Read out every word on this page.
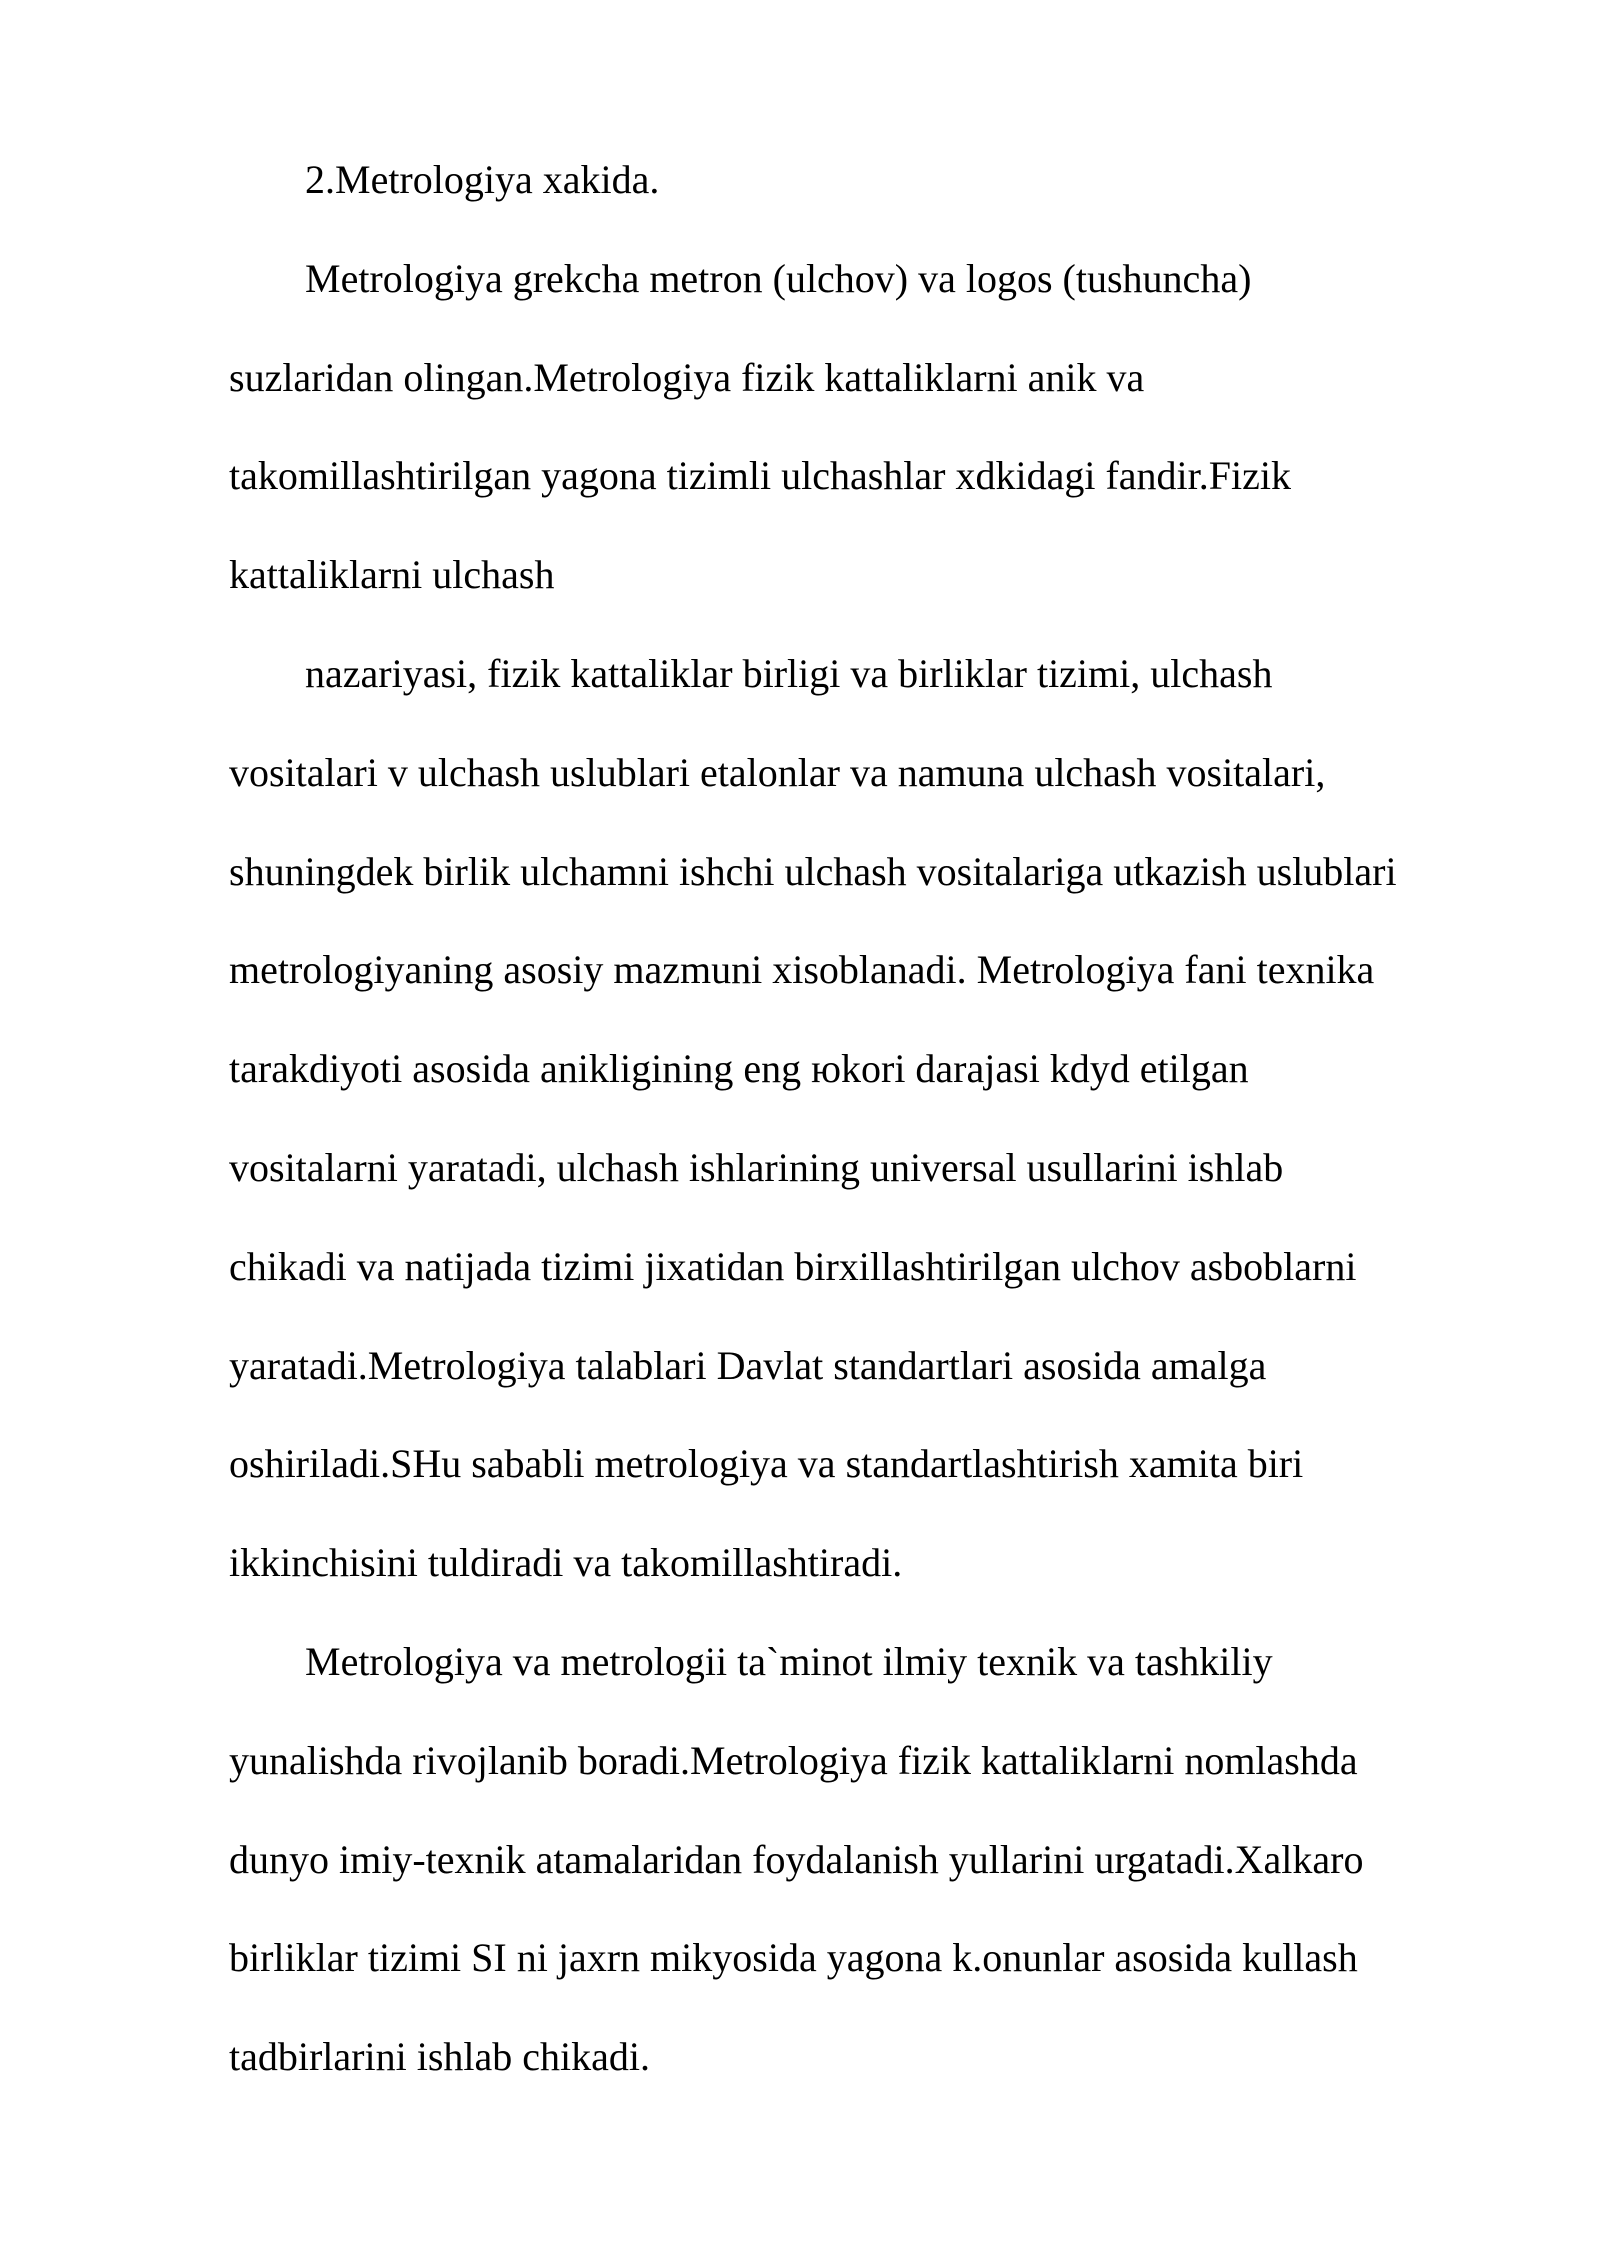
2.Metrologiya xakida.

Metrologiya grekcha metron (ulchov) va logos (tushuncha)

suzlaridan olingan.Metrologiya fizik kattaliklarni anik va

takomillashtirilgan yagona tizimli ulchashlar xdkidagi fandir.Fizik

kattaliklarni ulchash

nazariyasi, fizik kattaliklar birligi va birliklar tizimi, ulchash

vositalari v ulchash uslublari etalonlar va namuna ulchash vositalari,

shuningdek birlik ulchamni ishchi ulchash vositalariga utkazish uslublari

metrologiyaning asosiy mazmuni xisoblanadi. Metrologiya fani texnika

tarakdiyoti asosida anikligining eng юkori darajasi kdyd etilgan

vositalarni yaratadi, ulchash ishlarining universal usullarini ishlab

chikadi va natijada tizimi jixatidan birxillashtirilgan ulchov asboblarni

yaratadi.Metrologiya talablari Davlat standartlari asosida amalga

oshiriladi.SHu sababli metrologiya va standartlashtirish xamita biri

ikkinchisini tuldiradi va takomillashtiradi.

Metrologiya va metrologii ta`minot ilmiy texnik va tashkiliy

yunalishda rivojlanib boradi.Metrologiya fizik kattaliklarni nomlashda

dunyo imiy-texnik atamalaridan foydalanish yullarini urgatadi.Xalkaro

birliklar tizimi SI ni jaxrn mikyosida yagona k.onunlar asosida kullash

tadbirlarini ishlab chikadi.
